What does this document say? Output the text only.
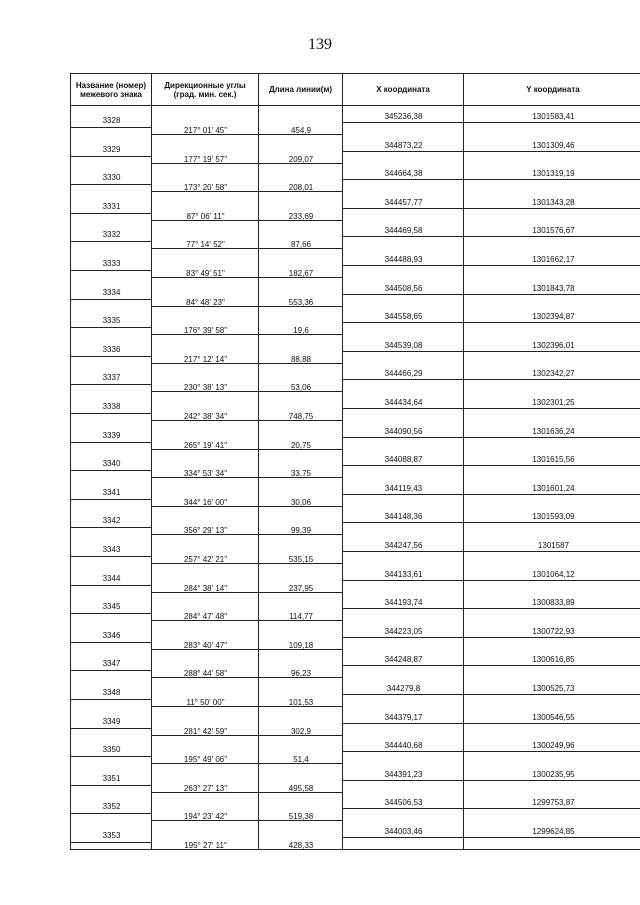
139
Название (номер) межевого знака
Дирекционные углы (град. мин. сек.)	Длина линии(м)	X координата	Y координата
3328	345236,38	1301583,41
217° 01' 45"	454,9
3329	344873,22	1301309,46
177° 19' 57"	209,07
3330	344664,38	1301319,19
173° 20' 58"	208,01
3331	344457,77	1301343,28
87° 06' 11"	233,69
3332	344469,58	1301576,67
77° 14' 52"	87,66
3333	344488,93	1301662,17
83° 49' 51"	182,67
3334	344508,56	1301843,78
84° 48' 23"	553,36
3335	344558,65	1302394,87
176° 39' 58"	19,6
3336	344539,08	1302396,01
217° 12' 14"	88,88
3337	344466,29	1302342,27
230° 38' 13"	53,06
3338	344434,64	1302301,25
242° 38' 34"	748,75
3339	344090,56	1301636,24
265° 19' 41"	20,75
3340	344088,87	1301615,56
334° 53' 34"	33,75
3341	344119,43	1301601,24
344° 16' 00"	30,06
3342	344148,36	1301593,09
356° 29' 13"	99,39
3343	344247,56	1301587
257° 42' 21"	535,15
3344	344133,61	1301064,12
284° 38' 14"	237,95
3345	344193,74	1300833,89
284° 47' 48"	114,77
3346	344223,05	1300722,93
283° 40' 47"	109,18
3347	344248,87	1300616,85
288° 44' 58"	96,23
3348	344279,8	1300525,73
11° 50' 00"	101,53
3349	344379,17	1300546,55
281° 42' 59"	302,9
3350	344440,68	1300249,96
195° 49' 06"	51,4
3351	344391,23	1300235,95
263° 27' 13"	495,58
3352	344506,53	1299753,87
194° 23' 42"	519,38
3353	344003,46	1299624,85
195° 27' 11"	428,33
